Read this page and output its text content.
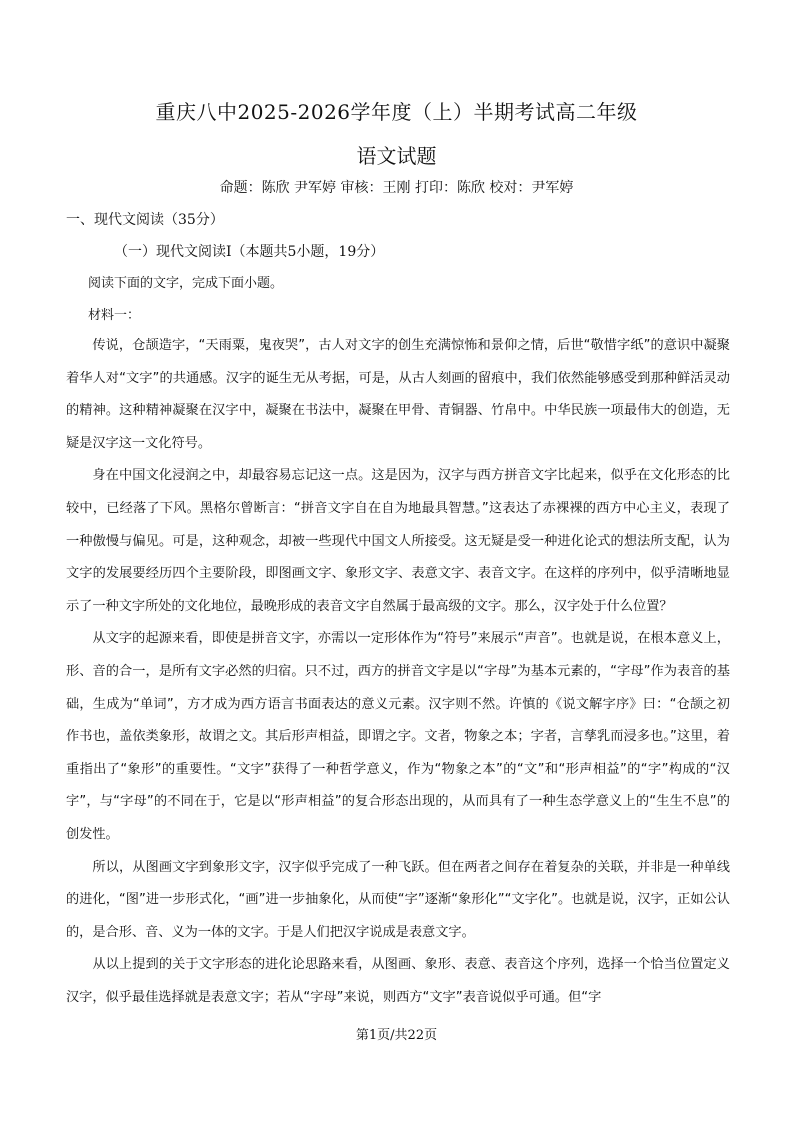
重庆八中2025-2026学年度（上）半期考试高二年级
语文试题
命题：陈欣 尹军婷 审核：王刚 打印：陈欣 校对：尹军婷
一、现代文阅读（35分）
（一）现代文阅读Ⅰ（本题共5小题，19分）
阅读下面的文字，完成下面小题。
材料一：

传说，仓颉造字，“天雨粟，鬼夜哭”，古人对文字的创生充满惊怖和景仰之情，后世“敬惜字纸”的意识中凝聚着华人对“文字”的共通感。汉字的诞生无从考据，可是，从古人刻画的留痕中，我们依然能够感受到那种鲜活灵动的精神。这种精神凝聚在汉字中，凝聚在书法中，凝聚在甲骨、青铜器、竹帛中。中华民族一项最伟大的创造，无疑是汉字这一文化符号。

身在中国文化浸润之中，却最容易忘记这一点。这是因为，汉字与西方拼音文字比起来，似乎在文化形态的比较中，已经落了下风。黑格尔曾断言：“拼音文字自在自为地最具智慧。”这表达了赤裸裸的西方中心主义，表现了一种傲慢与偏见。可是，这种观念，却被一些现代中国文人所接受。这无疑是受一种进化论式的想法所支配，认为文字的发展要经历四个主要阶段，即图画文字、象形文字、表意文字、表音文字。在这样的序列中，似乎清晰地显示了一种文字所处的文化地位，最晚形成的表音文字自然属于最高级的文字。那么，汉字处于什么位置？

从文字的起源来看，即使是拼音文字，亦需以一定形体作为“符号”来展示“声音”。也就是说，在根本意义上，形、音的合一，是所有文字必然的归宿。只不过，西方的拼音文字是以“字母”为基本元素的，“字母”作为表音的基础，生成为“单词”，方才成为西方语言书面表达的意义元素。汉字则不然。许慎的《说文解字序》曰：“仓颉之初作书也，盖依类象形，故谓之文。其后形声相益，即谓之字。文者，物象之本；字者，言孳乳而浸多也。”这里，着重指出了“象形”的重要性。“文字”获得了一种哲学意义，作为“物象之本”的“文”和“形声相益”的“字”构成的“汉字”，与“字母”的不同在于，它是以“形声相益”的复合形态出现的，从而具有了一种生态学意义上的“生生不息”的创发性。

所以，从图画文字到象形文字，汉字似乎完成了一种飞跃。但在两者之间存在着复杂的关联，并非是一种单线的进化，“图”进一步形式化，“画”进一步抽象化，从而使“字”逐渐“象形化”“文字化”。也就是说，汉字，正如公认的，是合形、音、义为一体的文字。于是人们把汉字说成是表意文字。

从以上提到的关于文字形态的进化论思路来看，从图画、象形、表意、表音这个序列，选择一个恰当位置定义汉字，似乎最佳选择就是表意文字；若从“字母”来说，则西方“文字”表音说似乎可通。但“字

第1页/共22页
